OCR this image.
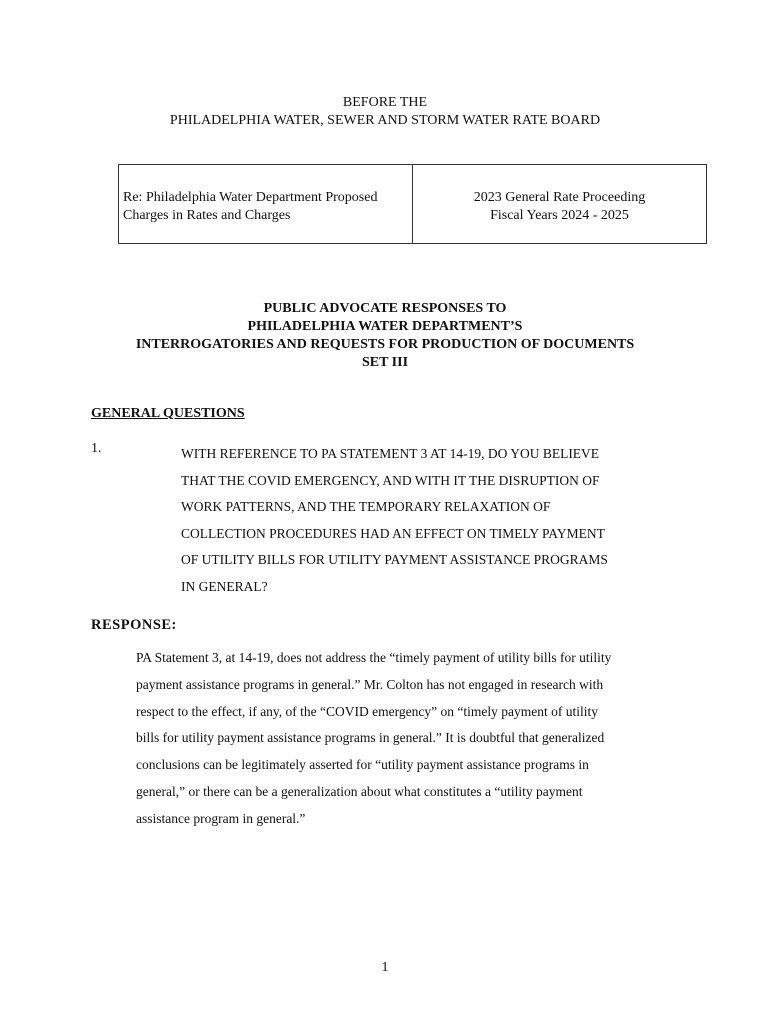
BEFORE THE
PHILADELPHIA WATER, SEWER AND STORM WATER RATE BOARD
Re: Philadelphia Water Department Proposed
Charges in Rates and Charges
2023 General Rate Proceeding
Fiscal Years 2024 - 2025
PUBLIC ADVOCATE RESPONSES TO
PHILADELPHIA WATER DEPARTMENT’S
INTERROGATORIES AND REQUESTS FOR PRODUCTION OF DOCUMENTS
SET III
GENERAL QUESTIONS
1.	WITH REFERENCE TO PA STATEMENT 3 AT 14-19, DO YOU BELIEVE
THAT THE COVID EMERGENCY, AND WITH IT THE DISRUPTION OF
WORK PATTERNS, AND THE TEMPORARY RELAXATION OF
COLLECTION PROCEDURES HAD AN EFFECT ON TIMELY PAYMENT
OF UTILITY BILLS FOR UTILITY PAYMENT ASSISTANCE PROGRAMS
IN GENERAL?
RESPONSE:
PA Statement 3, at 14-19, does not address the “timely payment of utility bills for utility
payment assistance programs in general.” Mr. Colton has not engaged in research with
respect to the effect, if any, of the “COVID emergency” on “timely payment of utility
bills for utility payment assistance programs in general.” It is doubtful that generalized
conclusions can be legitimately asserted for “utility payment assistance programs in
general,” or there can be a generalization about what constitutes a “utility payment
assistance program in general.”
1
